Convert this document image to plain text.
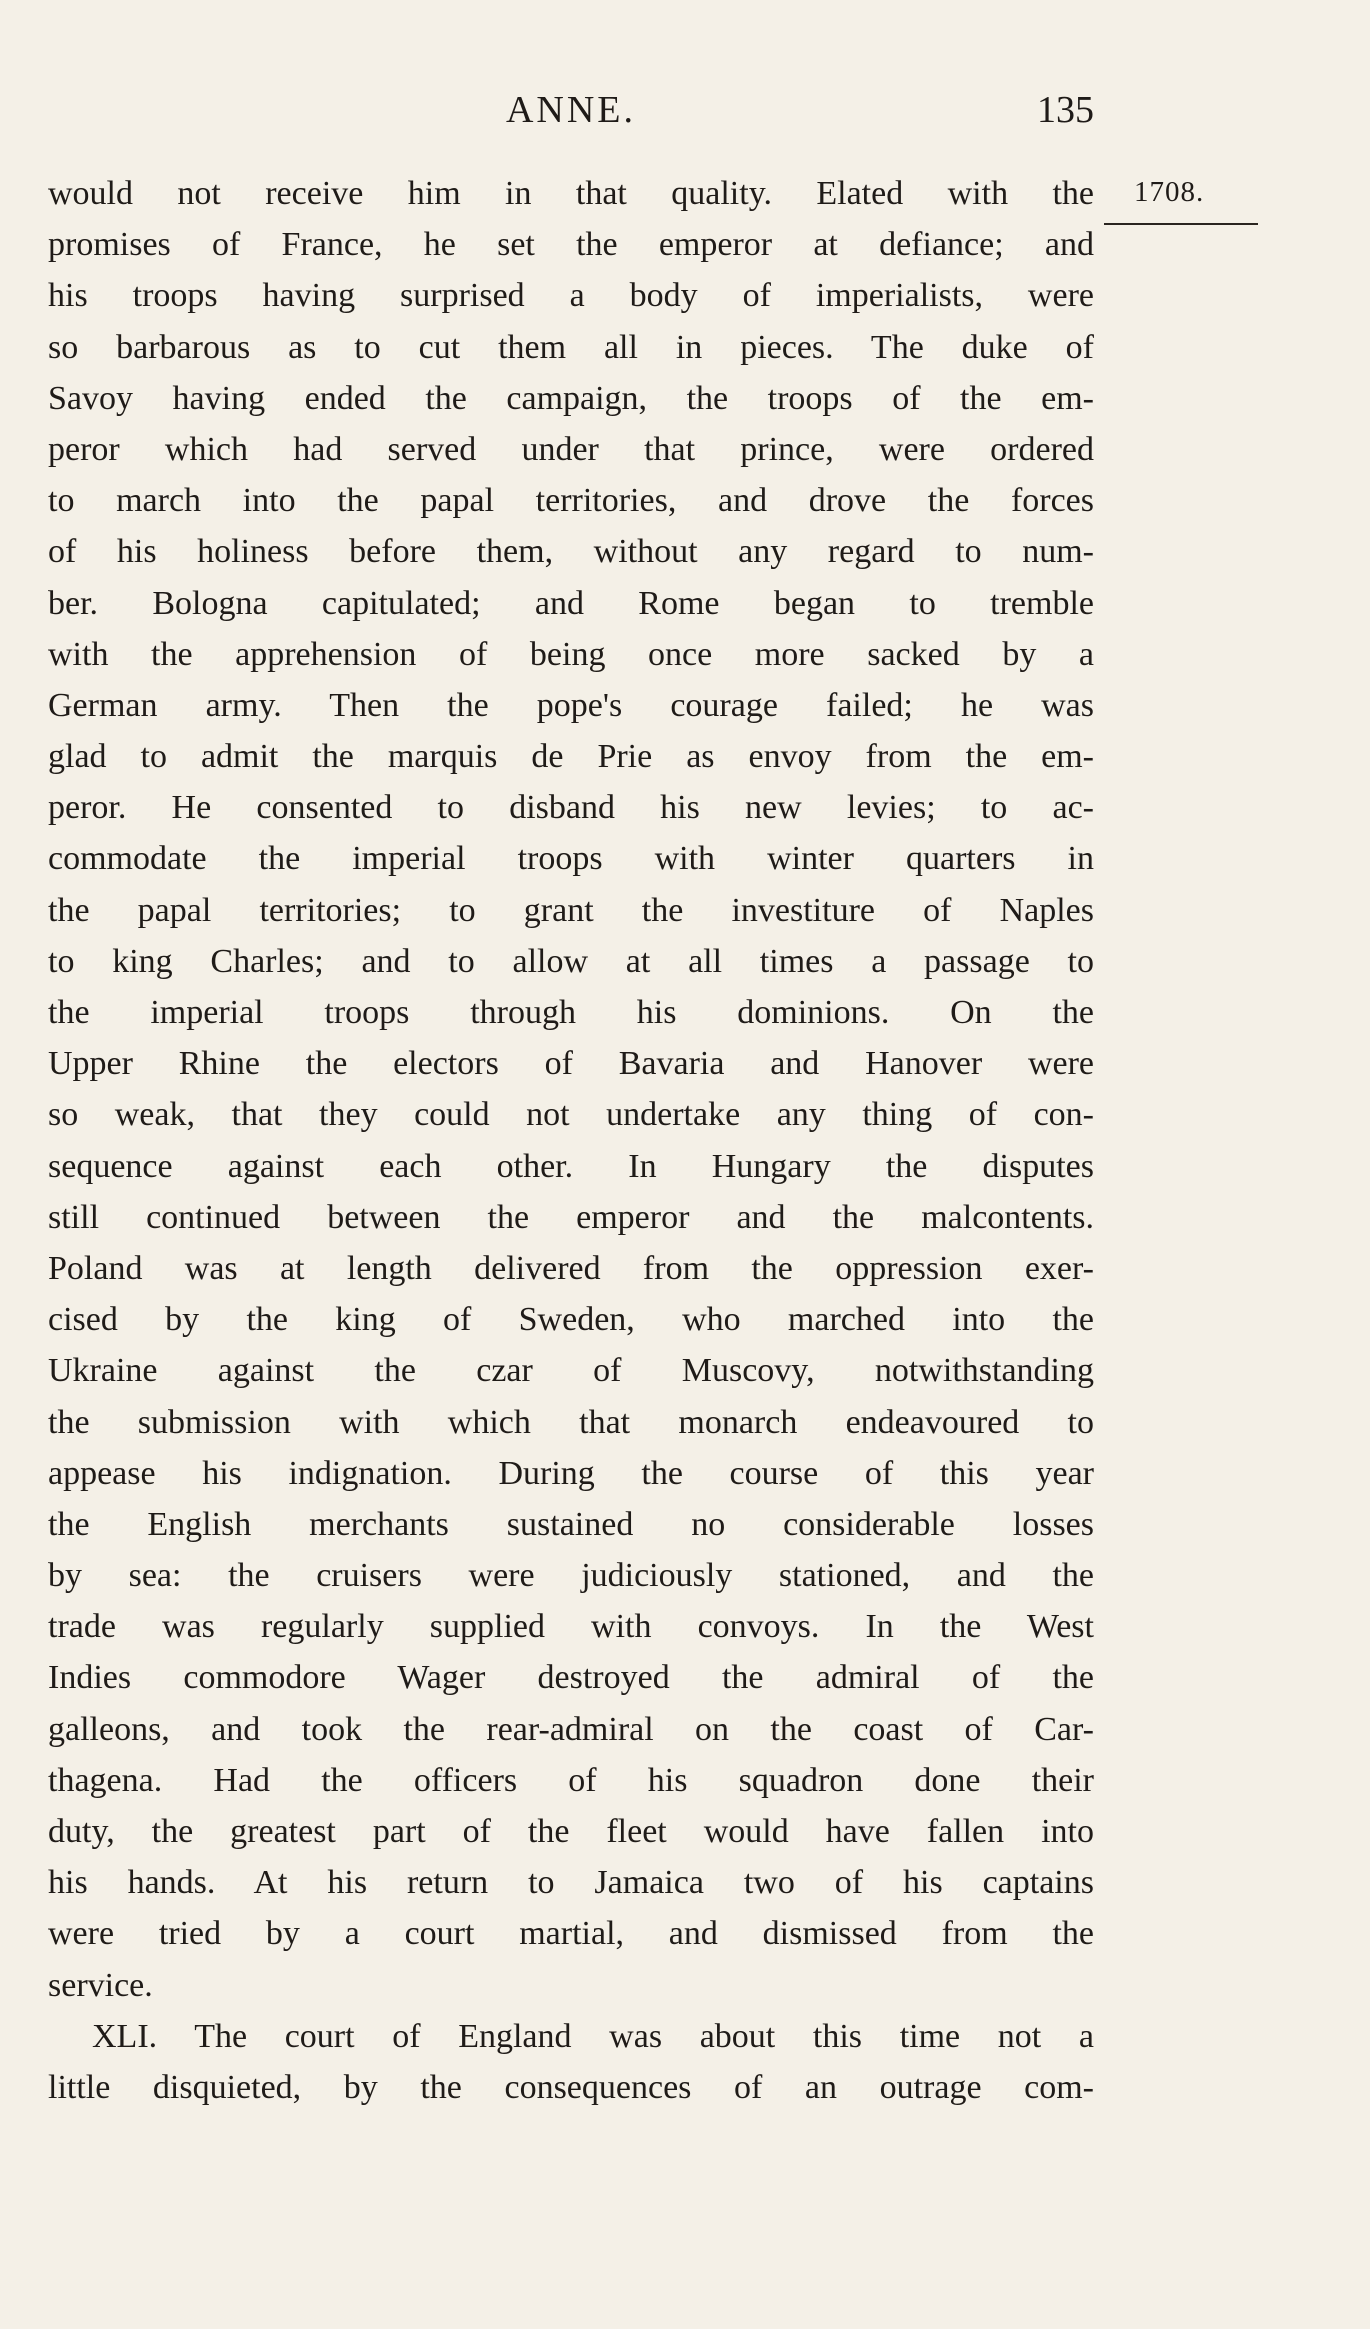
ANNE.	135
1708.
would not receive him in that quality. Elated with the
promises of France, he set the emperor at defiance; and
his troops having surprised a body of imperialists, were
so barbarous as to cut them all in pieces. The duke of
Savoy having ended the campaign, the troops of the em-
peror which had served under that prince, were ordered
to march into the papal territories, and drove the forces
of his holiness before them, without any regard to num-
ber. Bologna capitulated; and Rome began to tremble
with the apprehension of being once more sacked by a
German army. Then the pope's courage failed; he was
glad to admit the marquis de Prie as envoy from the em-
peror. He consented to disband his new levies; to ac-
commodate the imperial troops with winter quarters in
the papal territories; to grant the investiture of Naples
to king Charles; and to allow at all times a passage to
the imperial troops through his dominions. On the
Upper Rhine the electors of Bavaria and Hanover were
so weak, that they could not undertake any thing of con-
sequence against each other. In Hungary the disputes
still continued between the emperor and the malcontents.
Poland was at length delivered from the oppression exer-
cised by the king of Sweden, who marched into the
Ukraine against the czar of Muscovy, notwithstanding
the submission with which that monarch endeavoured to
appease his indignation. During the course of this year
the English merchants sustained no considerable losses
by sea: the cruisers were judiciously stationed, and the
trade was regularly supplied with convoys. In the West
Indies commodore Wager destroyed the admiral of the
galleons, and took the rear-admiral on the coast of Car-
thagena. Had the officers of his squadron done their
duty, the greatest part of the fleet would have fallen into
his hands. At his return to Jamaica two of his captains
were tried by a court martial, and dismissed from the
service.
XLI. The court of England was about this time not a
little disquieted, by the consequences of an outrage com-
